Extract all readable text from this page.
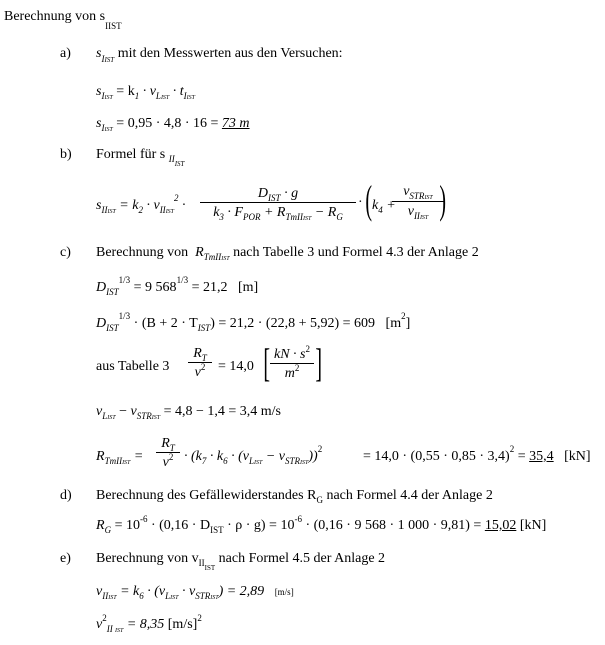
Berechnung von $s_{IIST}$
a) $s_{IIST}$ mit den Messwerten aus den Versuchen:
$s_{IIST} = k_1 \cdot v_{LIST} \cdot t_{IIST}$
$s_{IIST} = 0,95 \cdot 4,8 \cdot 16 = 73$ m
b) Formel für s $_{IIIST}$
$s_{IIIST} = k_2 \cdot v_{IIIST}^2$ ·
$D_{IST} \cdot g$
$k_3 \cdot F_{POR} + R_{TmIIIST} - R_G$
· ( $k_4$ +
$v_{STRIST}$
$v_{IIIST}$ )
c) Berechnung von  $R_{TmIIIST}$ nach Tabelle 3 und Formel 4.3 der Anlage 2
$D_{IST}^{1/3} = 9$ $568^{1/3} = 21,2$ [m]
$D_{IST}^{1/3} \cdot (B + 2 \cdot T_{IST}) = 21,2 \cdot (22,8 + 5,92) = 609$ $[m^2]$
aus Tabelle 3
$R_T$
$v^2 = 14,0$ [ kN · $s^2$
$m^2$ ]
$v_{LIST} - v_{STRIST} = 4,8 - 1,4 = 3,4$ m/s
$R_{TmIIIST}$ =
$R_T$
$v^2 \cdot (k_7 \cdot k_6 \cdot (v_{LIST} - v_{STRIST}))^2$	= $14,0 \cdot (0,55 \cdot 0,85 \cdot 3,4)^2 = 35,4$ [kN]
d) Berechnung des Gefällewiderstandes $R_G$ nach Formel 4.4 der Anlage 2
$R_G = 10^{-6} \cdot (0,16 \cdot D_{IST} \cdot \rho \cdot g) = 10^{-6} \cdot (0,16 \cdot 9$ 568 · 1 000 · 9,81) = 15,02 [kN]
e) Berechnung von $v_{IIIST}$ nach Formel 4.5 der Anlage 2
$v_{IIIST} = k_6 \cdot (v_{LIST} \cdot v_{STRIST}) = 2,89$ [m/s]
$v^2_{II IST} = 8,35$ $[m/s]^2$
